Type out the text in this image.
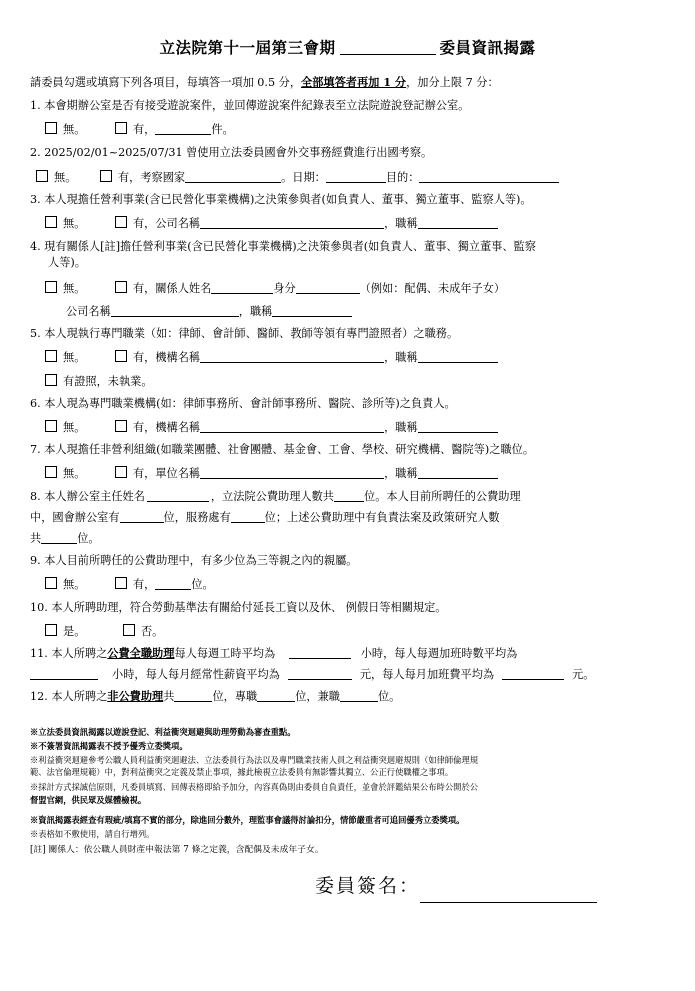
立法院第十一屆第三會期	委員資訊揭露
請委員勾選或填寫下列各項目，每填答一項加 0.5 分，全部填答者再加 1 分，加分上限 7 分：
1. 本會期辦公室是否有接受遊說案件，並回傳遊說案件紀錄表至立法院遊說登記辦公室。
無。	有，	件。
2. 2025/02/01~2025/07/31 曾使用立法委員國會外交事務經費進行出國考察。
無。	有，考察國家	。日期：	目的：
3. 本人現擔任營利事業(含已民營化事業機構)之決策參與者(如負責人、董事、獨立董事、監察人等)。
無。	有，公司名稱	，職稱
4. 現有關係人[註]擔任營利事業(含已民營化事業機構)之決策參與者(如負責人、董事、獨立董事、監察
人等)。
無。	有，關係人姓名	身分	（例如：配偶、未成年子女）
公司名稱	，職稱
5. 本人現執行專門職業（如：律師、會計師、醫師、教師等領有專門證照者）之職務。
無。	有，機構名稱	，職稱
有證照，未執業。
6. 本人現為專門職業機構(如：律師事務所、會計師事務所、醫院、診所等)之負責人。
無。	有，機構名稱	，職稱
7. 本人現擔任非營利組織(如職業團體、社會團體、基金會、工會、學校、研究機構、醫院等)之職位。
無。	有，單位名稱	，職稱
8. 本人辦公室主任姓名	，立法院公費助理人數共	位。本人目前所聘任的公費助理
中，國會辦公室有	位，服務處有	位；上述公費助理中有負責法案及政策研究人數
共	位。
9. 本人目前所聘任的公費助理中，有多少位為三等親之內的親屬。
無。	有，	位。
10. 本人所聘助理，符合勞動基準法有關給付延長工資以及休、 例假日等相關規定。
是。	否。
11. 本人所聘之公費全職助理每人每週工時平均為	小時，每人每週加班時數平均為
小時，每人每月經常性薪資平均為	元，每人每月加班費平均為	元。
12. 本人所聘之非公費助理共	位，專職	位，兼職	位。
※立法委員資訊揭露以遊說登記、利益衝突迴避與助理勞動為審查重點。
※不簽署資訊揭露表不授予優秀立委獎項。
※利益衝突迴避參考公職人員利益衝突迴避法、立法委員行為法以及專門職業技術人員之利益衝突迴避規則（如律師倫理規
範、法官倫理規範）中，對利益衝突之定義及禁止事項，據此檢視立法委員有無影響其獨立、公正行使職權之事項。
※採計方式採誠信原則，凡委員填寫、回傳表格即給予加分，內容真偽則由委員自負責任，並會於評鑑結果公布時公開於公
督盟官網，供民眾及媒體檢視。
※資訊揭露表經查有瑕疵/填寫不實的部分，除進回分數外，理監事會議得討論扣分，情節嚴重者可追回優秀立委獎項。
※表格如不敷使用，請自行增列。
[註] 關係人：依公職人員財產申報法第 7 條之定義，含配偶及未成年子女。
委員簽名：
